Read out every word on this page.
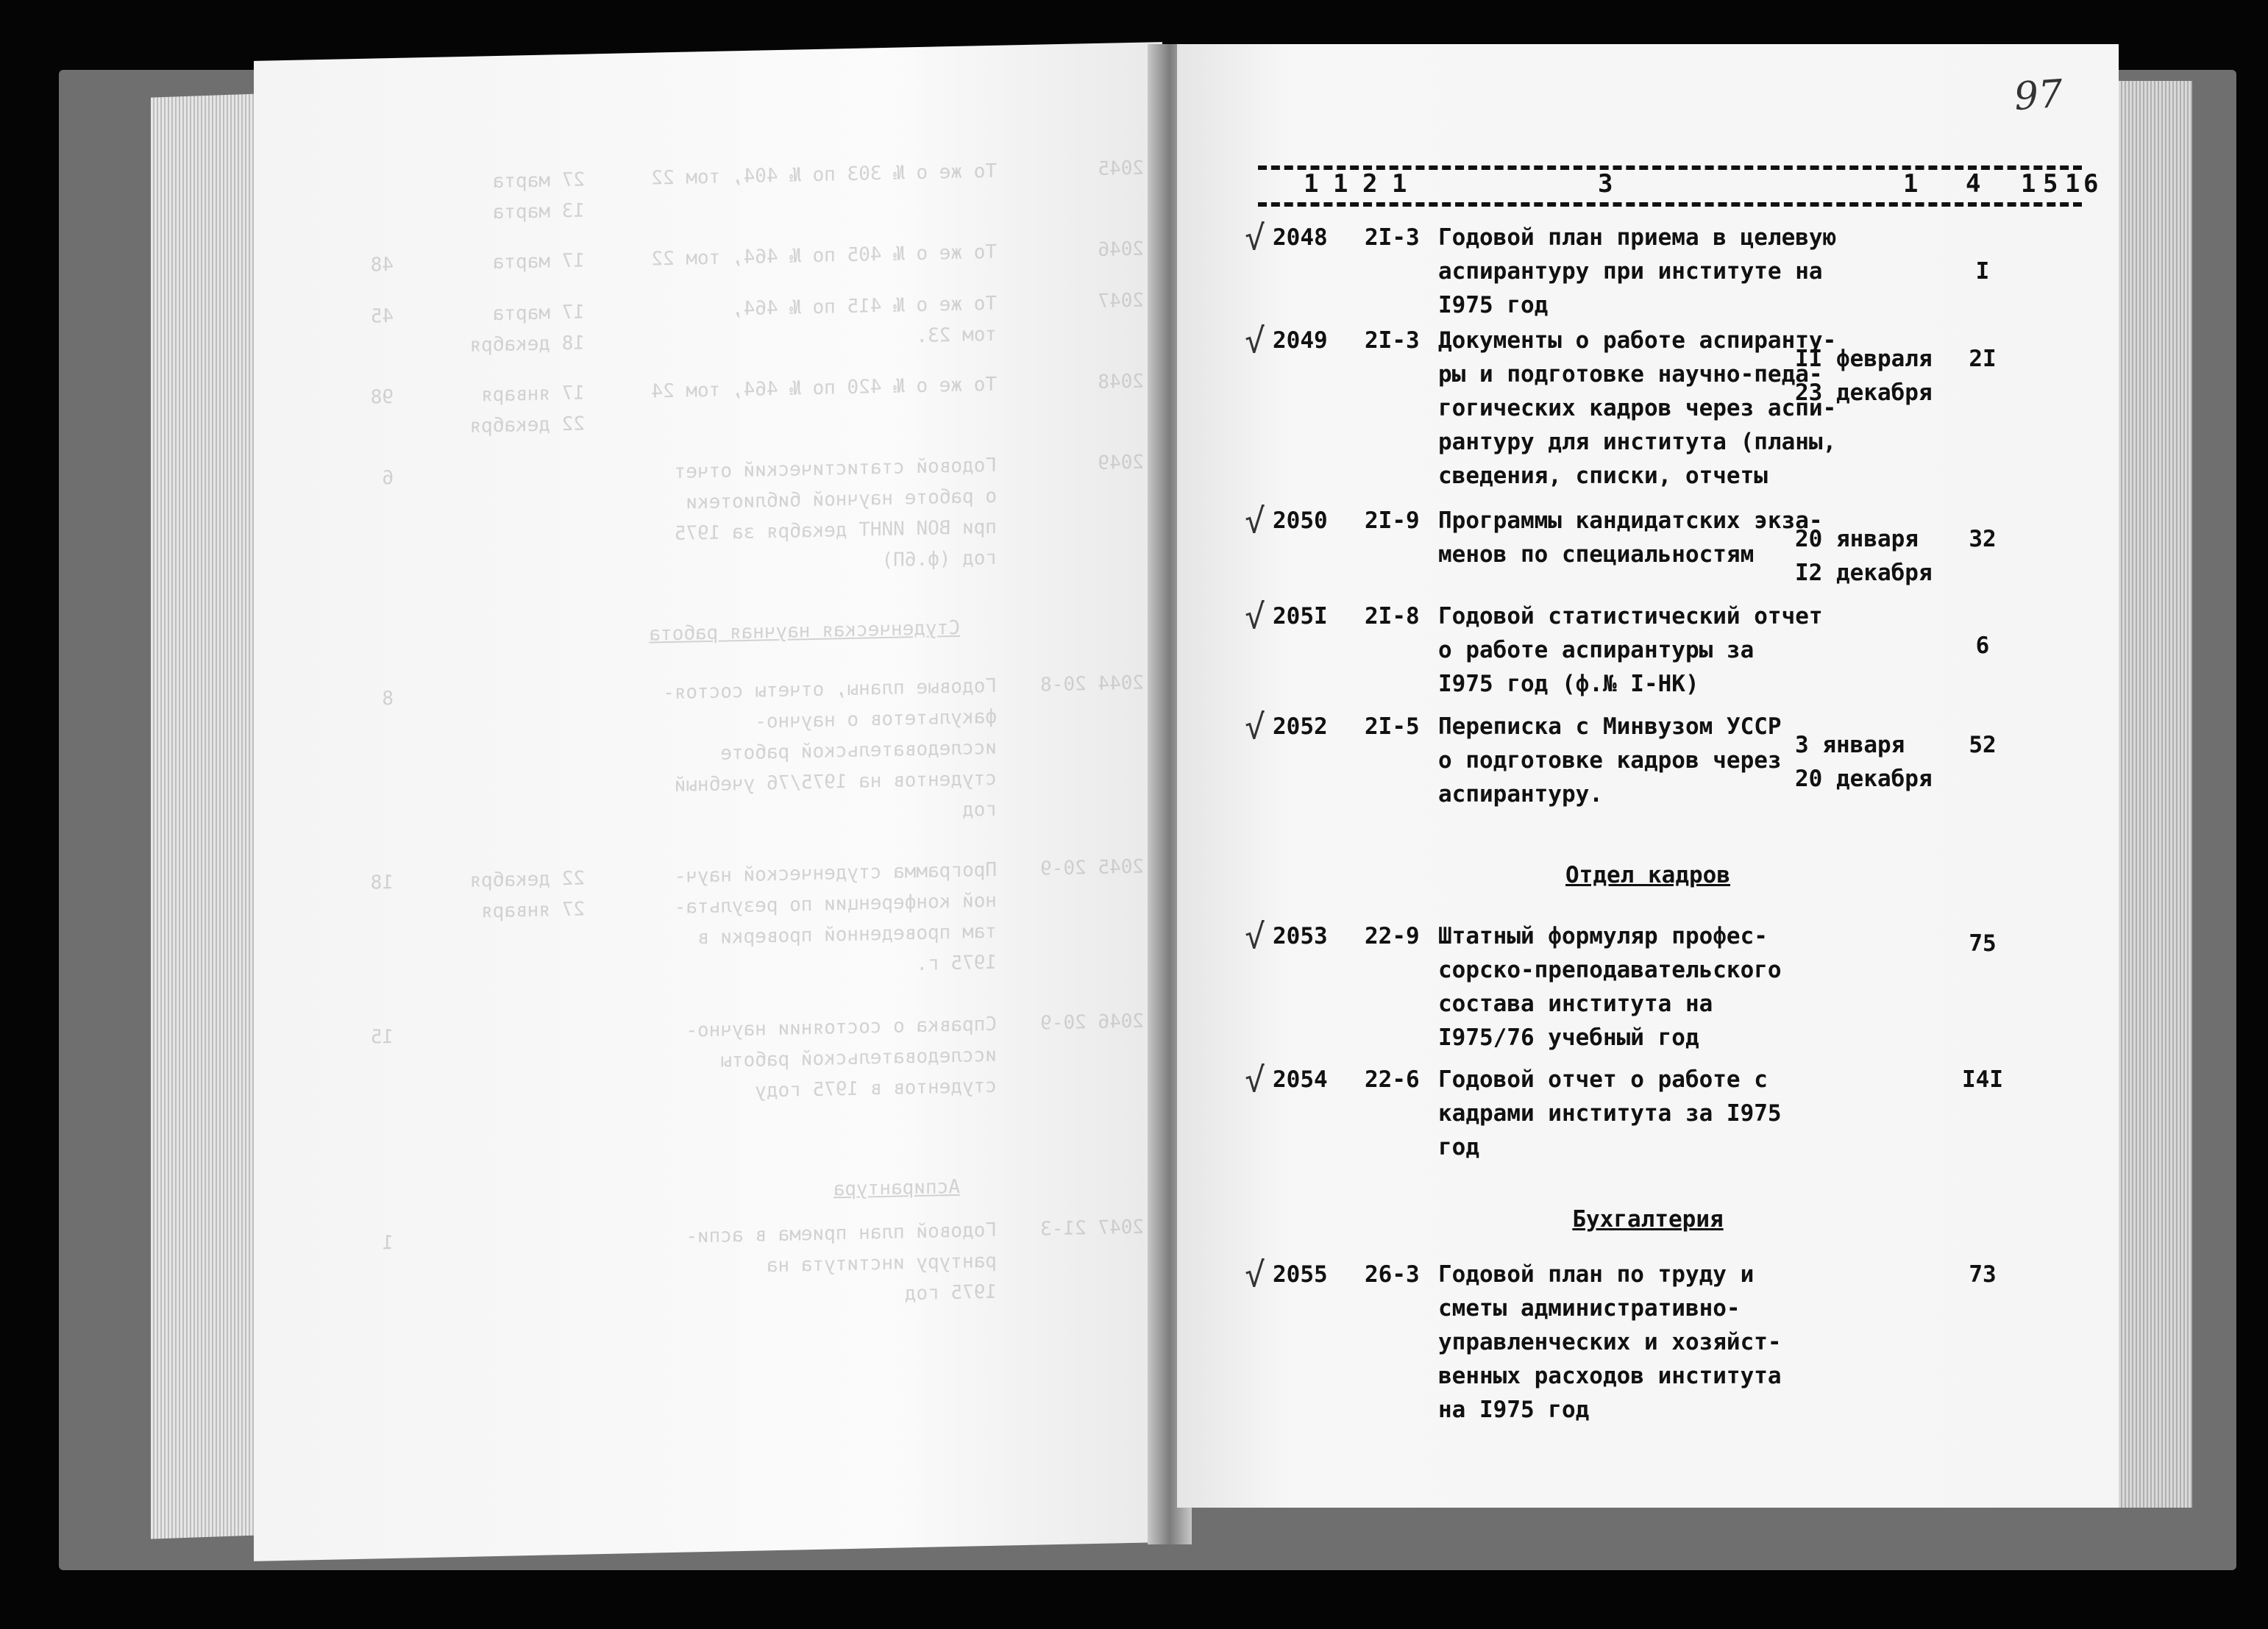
2045
То же о № 303 по № 404, том 22
27 марта
13 марта
2046
То же о № 405 по № 464, том 22
17 марта
48
2047
То же о № 415 по № 464,
том 23.
17 марта
18 декабря
45
2048
То же о № 420 по № 464, том 24
17 января
22 декабря
98
2049
Годовой статистический отчет
о работе научной библиотеки
при ВОИ ИИНТ декабря за 1975
год (ф.6П)
6
Студенческая научная работа
2044 20-8
Годовые планы, отчеты состоя-
факультетов о научно-
исследовательской работе
студентов на 1975/76 учебный
год
8
2045 20-9
Программа студенческой науч-
ной конференции по результа-
там проведенной проверки в
1975 г.
22 декабря
27 января
18
2046 20-9
Справка о состоянии научно-
исследовательской работы
студентов в 1975 году
15
Аспирантура
2047 21-3
Годовой план приема в аспи-
рантуру института на
1975 год
1
97
1 1 2 1	3	1 4 1 5 1 6
√ 2048 2I-3 Годовой план приема в целевую
аспирантуру при институте на
I975 год
I
√ 2049 2I-3 Документы о работе аспиранту-
ры и подготовке научно-педа-
гогических кадров через аспи-
рантуру для института (планы,
сведения, списки, отчеты
II февраля
23 декабря
2I
√ 2050 2I-9 Программы кандидатских экза-
менов по специальностям
20 января
I2 декабря
32
√ 205I 2I-8 Годовой статистический отчет
о работе аспирантуры за
I975 год (ф.№ I-НК)
6
√ 2052 2I-5 Переписка с Минвузом УССР
о подготовке кадров через
аспирантуру.
3 января
20 декабря
52
Отдел кадров
√ 2053 22-9 Штатный формуляр профес-
сорско-преподавательского
состава института на
I975/76 учебный год
75
√ 2054 22-6 Годовой отчет о работе с
кадрами института за I975
год
I4I
Бухгалтерия
√ 2055 26-3 Годовой план по труду и
сметы административно-
управленческих и хозяйст-
венных расходов института
на I975 год
73
